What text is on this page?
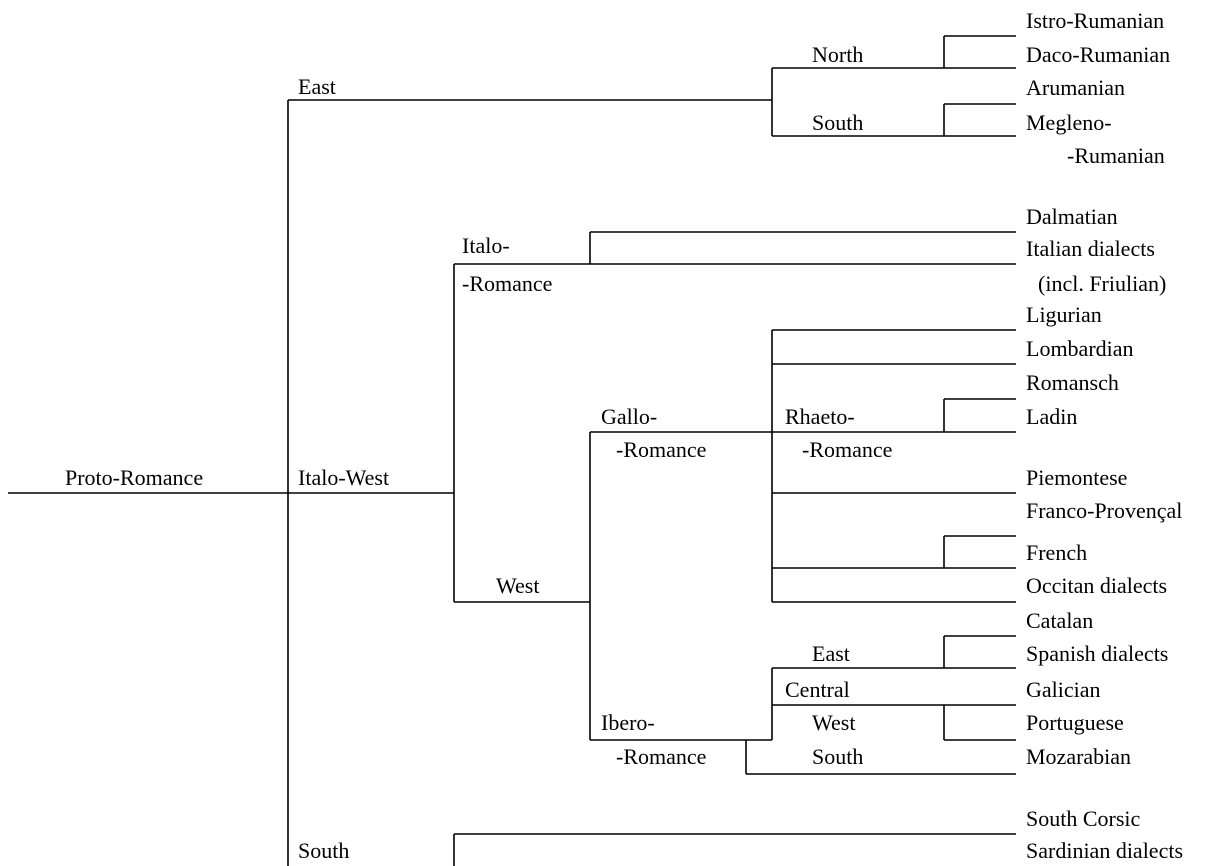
Proto-Romance
East
North
South
Italo-West
Italo-
-Romance
West
Gallo-
-Romance
Rhaeto-
-Romance
Ibero-
-Romance
East
Central
West
South
South
Istro-Rumanian
Daco-Rumanian
Arumanian
Megleno-
-Rumanian
Dalmatian
Italian dialects
(incl. Friulian)
Ligurian
Lombardian
Romansch
Ladin
Piemontese
Franco-Provençal
French
Occitan dialects
Catalan
Spanish dialects
Galician
Portuguese
Mozarabian
South Corsic
Sardinian dialects
